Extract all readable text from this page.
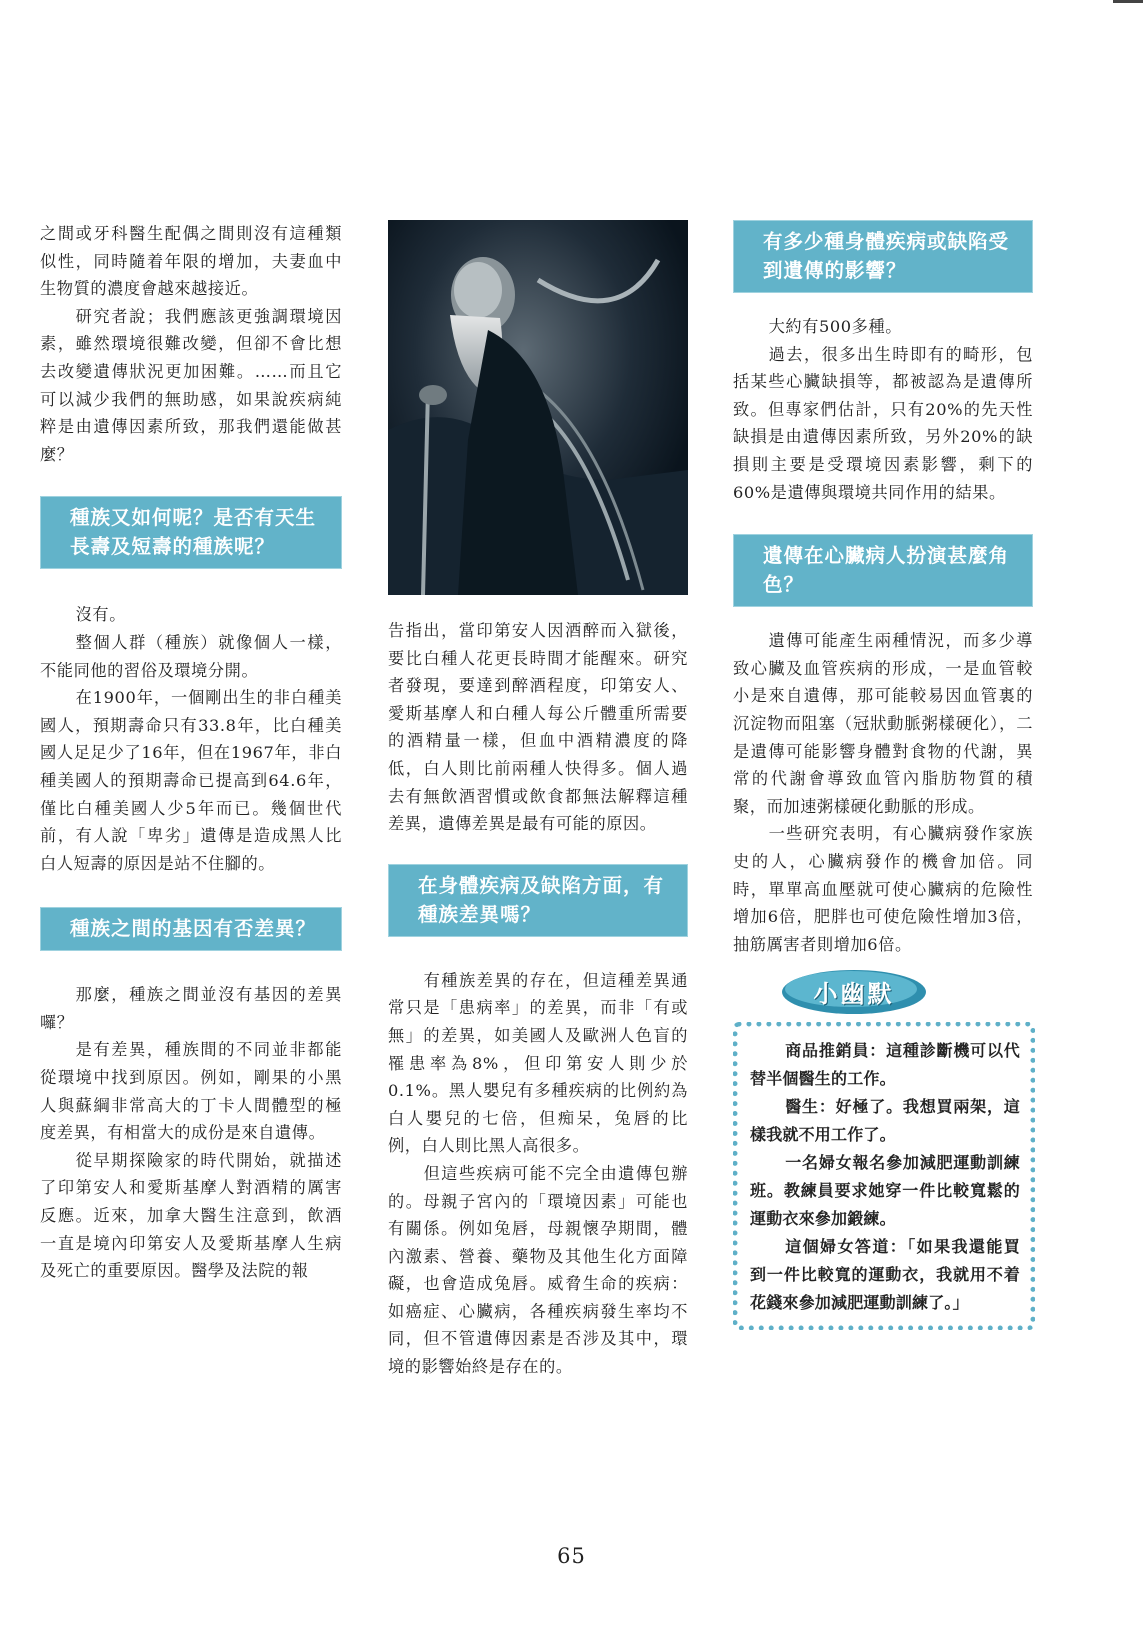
之間或牙科醫生配偶之間則沒有這種類似性，同時隨着年限的增加，夫妻血中生物質的濃度會越來越接近。

研究者說；我們應該更強調環境因素，雖然環境很難改變，但卻不會比想去改變遺傳狀況更加困難。……而且它可以減少我們的無助感，如果說疾病純粹是由遺傳因素所致，那我們還能做甚麼？

種族又如何呢？是否有天生長壽及短壽的種族呢？

沒有。

整個人群（種族）就像個人一樣，不能同他的習俗及環境分開。

在1900年，一個剛出生的非白種美國人，預期壽命只有33.8年，比白種美國人足足少了16年，但在1967年，非白種美國人的預期壽命已提高到64.6年，僅比白種美國人少5年而已。幾個世代前，有人說「卑劣」遺傳是造成黑人比白人短壽的原因是站不住腳的。

種族之間的基因有否差異？

那麼，種族之間並沒有基因的差異囉？

是有差異，種族間的不同並非都能從環境中找到原因。例如，剛果的小黑人與蘇綱非常高大的丁卡人間體型的極度差異，有相當大的成份是來自遺傳。

從早期探險家的時代開始，就描述了印第安人和愛斯基摩人對酒精的厲害反應。近來，加拿大醫生注意到，飲酒一直是境內印第安人及愛斯基摩人生病及死亡的重要原因。醫學及法院的報

告指出，當印第安人因酒醉而入獄後，要比白種人花更長時間才能醒來。研究者發現，要達到醉酒程度，印第安人、愛斯基摩人和白種人每公斤體重所需要的酒精量一樣，但血中酒精濃度的降低，白人則比前兩種人快得多。個人過去有無飲酒習慣或飲食都無法解釋這種差異，遺傳差異是最有可能的原因。

在身體疾病及缺陷方面，有種族差異嗎？

有種族差異的存在，但這種差異通常只是「患病率」的差異，而非「有或無」的差異，如美國人及歐洲人色盲的罹患率為8%，但印第安人則少於0.1%。黑人嬰兒有多種疾病的比例約為白人嬰兒的七倍，但痴呆，兔唇的比例，白人則比黑人高很多。

但這些疾病可能不完全由遺傳包辦的。母親子宮內的「環境因素」可能也有關係。例如兔唇，母親懷孕期間，體內激素、營養、藥物及其他生化方面障礙，也會造成兔唇。威脅生命的疾病：如癌症、心臟病，各種疾病發生率均不同，但不管遺傳因素是否涉及其中，環境的影響始終是存在的。

有多少種身體疾病或缺陷受到遺傳的影響？

大約有500多種。

過去，很多出生時即有的畸形，包括某些心臟缺損等，都被認為是遺傳所致。但專家們估計，只有20%的先天性缺損是由遺傳因素所致，另外20%的缺損則主要是受環境因素影響，剩下的60%是遺傳與環境共同作用的結果。

遺傳在心臟病人扮演甚麼角色？

遺傳可能產生兩種情況，而多少導致心臟及血管疾病的形成，一是血管較小是來自遺傳，那可能較易因血管裏的沉淀物而阻塞（冠狀動脈粥樣硬化），二是遺傳可能影響身體對食物的代謝，異常的代謝會導致血管內脂肪物質的積聚，而加速粥樣硬化動脈的形成。

一些研究表明，有心臟病發作家族史的人，心臟病發作的機會加倍。同時，單單高血壓就可使心臟病的危險性增加6倍，肥胖也可使危險性增加3倍，抽筋厲害者則增加6倍。

小幽默

商品推銷員：這種診斷機可以代替半個醫生的工作。

醫生：好極了。我想買兩架，這樣我就不用工作了。

一名婦女報名參加減肥運動訓練班。教練員要求她穿一件比較寬鬆的運動衣來參加鍛練。

這個婦女答道：「如果我還能買到一件比較寬的運動衣，我就用不着花錢來參加減肥運動訓練了。」

65
